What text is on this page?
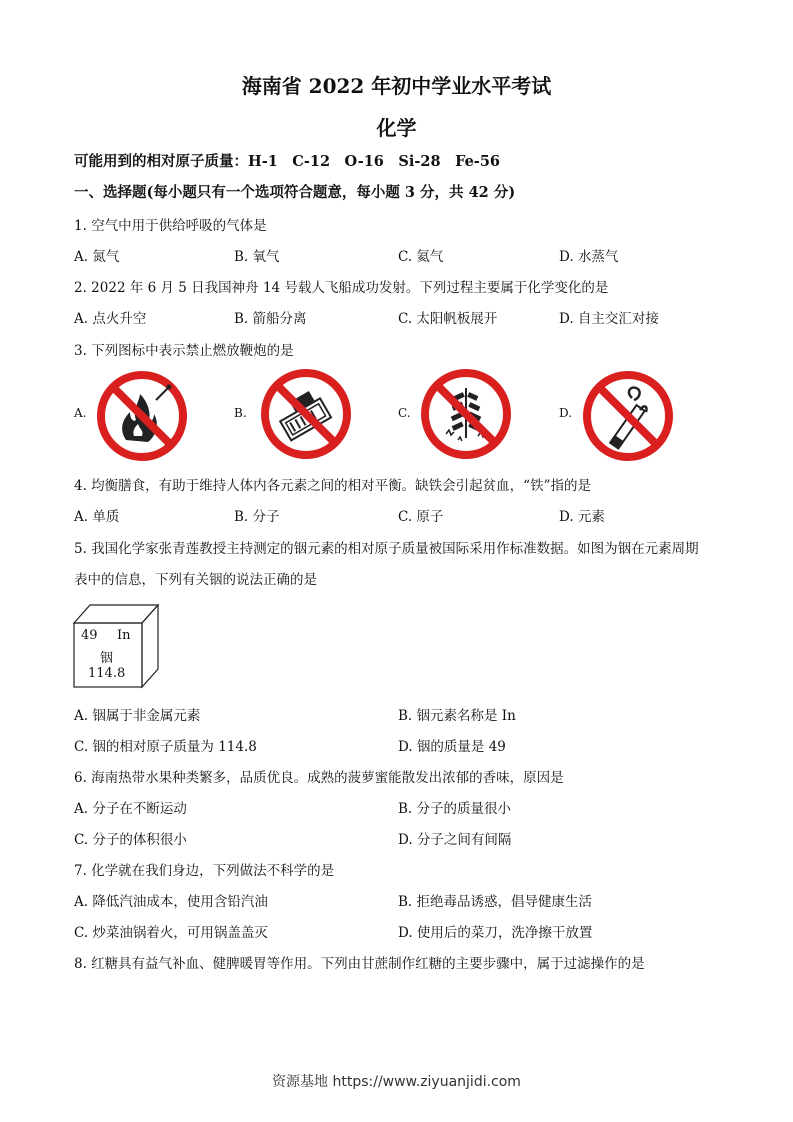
海南省 2022 年初中学业水平考试
化学
可能用到的相对原子质量：H-1　C-12　O-16　Si-28　Fe-56
一、选择题(每小题只有一个选项符合题意，每小题 3 分，共 42 分)
1. 空气中用于供给呼吸的气体是
A. 氮气	B. 氧气	C. 氦气	D. 水蒸气
2. 2022 年 6 月 5 日我国神舟 14 号载人飞船成功发射。下列过程主要属于化学变化的是
A. 点火升空	B. 箭船分离	C. 太阳帆板展开	D. 自主交汇对接
3. 下列图标中表示禁止燃放鞭炮的是
A.	B.	C.	D.
4. 均衡膳食，有助于维持人体内各元素之间的相对平衡。缺铁会引起贫血，“铁”指的是
A. 单质	B. 分子	C. 原子	D. 元素
5. 我国化学家张青莲教授主持测定的铟元素的相对原子质量被国际采用作标准数据。如图为铟在元素周期
表中的信息，下列有关铟的说法正确的是
49 In
铟
114.8
A. 铟属于非金属元素	B. 铟元素名称是 In
C. 铟的相对原子质量为 114.8	D. 铟的质量是 49
6. 海南热带水果种类繁多，品质优良。成熟的菠萝蜜能散发出浓郁的香味，原因是
A. 分子在不断运动	B. 分子的质量很小
C. 分子的体积很小	D. 分子之间有间隔
7. 化学就在我们身边，下列做法不科学的是
A. 降低汽油成本，使用含铅汽油	B. 拒绝毒品诱惑，倡导健康生活
C. 炒菜油锅着火，可用锅盖盖灭	D. 使用后的菜刀，洗净擦干放置
8. 红糖具有益气补血、健脾暖胃等作用。下列由甘蔗制作红糖的主要步骤中，属于过滤操作的是
资源基地 https://www.ziyuanjidi.com
